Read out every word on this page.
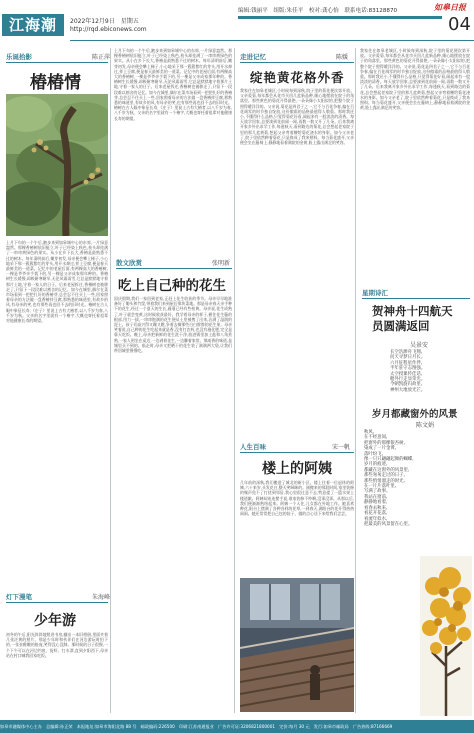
江海潮	2022年12月9日　星期五
http://rqd.ebiconews.com
编辑:钱丽平　组版:朱佳平　校对:龚心怡　联系电话:83128870	如皋日报
04
乐诞拾影	陈正萍
椿椿情
上月下旬的一个午后,踱步来到如皋城中心的东郊,一片绿意盎然。那棵香椿树依旧挺立,叶子已经染上秋色,枝头却挂满了一串串黄绿色的果实。从小在乡下长大,香椿是最熟悉不过的树木。每年清明前后,嫩芽初发,母亲便会攀上梯子,小心地采下那一簇簇紫红的芽头,用开水焯过,拌上豆腐,便是春天最鲜美的一道菜。记忆中的老屋后面,有两棵高大的香椿树,一棵是爷爷亲手栽下的,另一棵是父亲成家那年种的。香椿树生长缓慢,却极耐寒耐旱,无论风霜雨雪,它总是默默地守着那片土地,守着一家人的日子。后来老屋拆迁,香椿树也被移走了,只留下一段段难以割舍的记忆。如今在城里,偶尔在菜市场看到一把把扎好的香椿芽,总会忍不住买上一些,回家照着母亲的方法做一盘香椿拌豆腐,那熟悉的味道里,有故乡的风,有母亲的笑,也有那些再也回不去的旧时光。椿树在古人眼中象征长寿,《庄子》里说上古有大椿者,以八千岁为春,八千岁为秋。父亲的名字里就有一个椿字,大概也寄托着祖辈对他健康长寿的期望。
灯下漫笔	朱海峰
少年游
初冬的午后,阳光斜斜地照进书房,翻出一本旧相册,里面夹着几张泛黄的照片。那是少年时和伙伴们在河边游玩时拍下的,一张张稚嫩的脸庞,笑得没心没肺。那时候的日子很慢,一个下午可以在河边钓鱼、捉虾、打水漂,直到夕阳西下,母亲站在村口喊我回家吃饭。
上月下旬的一个午后,踱步来到如皋城中心的东郊,一片绿意盎然。那棵香椿树依旧挺立,叶子已经染上秋色,枝头却挂满了一串串黄绿色的果实。从小在乡下长大,香椿是最熟悉不过的树木。每年清明前后,嫩芽初发,母亲便会攀上梯子,小心地采下那一簇簇紫红的芽头,用开水焯过,拌上豆腐,便是春天最鲜美的一道菜。记忆中的老屋后面,有两棵高大的香椿树,一棵是爷爷亲手栽下的,另一棵是父亲成家那年种的。香椿树生长缓慢,却极耐寒耐旱,无论风霜雨雪,它总是默默地守着那片土地,守着一家人的日子。后来老屋拆迁,香椿树也被移走了,只留下一段段难以割舍的记忆。如今在城里,偶尔在菜市场看到一把把扎好的香椿芽,总会忍不住买上一些,回家照着母亲的方法做一盘香椿拌豆腐,那熟悉的味道里,有故乡的风,有母亲的笑,也有那些再也回不去的旧时光。椿树在古人眼中象征长寿,《庄子》里说上古有大椿者,以八千岁为春,八千岁为秋。父亲的名字里就有一个椿字,大概也寄托着祖辈对他健康长寿的期望。
散文欣赏	张明新
吃上自己种的花生
国庆假期,我们一家回到老家,正赶上花生收获的季节。母亲早早地准备好了锄头和竹筐,带着我们来到屋后那块菜地。那是母亲春天亲手种下的花生,经过一个夏天的生长,藤蔓已经有些枯黄。母亲说,花生成熟了,叶子就会变黄,这时候收获最好。我学着母亲的样子,握住花生藤的根部,用力一拔,一串串饱满的花生便从土里被拽了出来,沾满了湿润的泥土。孩子们高兴得又蹦又跳,争着去摘那些白白胖胖的花生果。母亲笑着说,自己种的花生吃起来就是香,没有打农药,也没有施化肥,完全是靠天吃饭。晚上,母亲把新鲜的花生洗干净,放进锅里加上盐和八角煮熟,一家人围坐在桌边,一边剥着花生,一边聊着家常。那咸香的味道,是城里买不到的。临走时,母亲又把晒干的花生装了满满两大袋,让我们带回城里慢慢吃。
走进记忆	陈媛
绽艳黄花格外香
我家住在如皋老城区,小时候每到深秋,院子里的菊花便次第开放。父亲爱菊,每年都会从花市买回几盆新品种,细心地摆放在院子的角落里。那些黄色的菊花开得最艳,一朵朵像小太阳似的,把整个院子照得暖洋洋的。父亲说,菊花是四君子之一,它不与百花争春,偏在百花凋零的时节独自绽放,这份傲霜的品格最值得人敬重。那时我还小,不懂得什么品格,只觉得菊花好看,闻起来有一股淡淡的清香。每天放学回家,总要凑到花前闻一闻,再数一数又开了几朵。后来我离开家乡外出求学工作,每逢秋天,看到路边的菊花,总会想起老家院子里的那几盆黄菊,想起父亲弯着腰给菊花浇水的身影。如今父亲老了,院子里依然种着菊花,只是换成了我来照料。每当菊花盛开,父亲便会坐在藤椅上,静静地看着满院的金黄,脸上露出满足的笑容。
人生百味	宋一帆
楼上的阿姨
几年前的深秋,我们搬进了城北的新小区。楼上住着一位退休的阿姨,六十来岁,头发花白,整天笑眯眯的。刚搬来的那段时间,家里装修的噪声免不了打扰到邻居,我心里很过意不去,特意提了一篮水果上楼道歉。阿姨却连连摆手说,谁家装修不吵啊,没事没事。从那以后,我们便渐渐熟络起来。阿姨一个人住,儿女都在外地工作。她喜欢种花,阳台上摆满了各种各样的花草,一到春天,满阳台的花开得热热闹闹。她还常常把自己包的饺子、做的点心送下来给我们尝尝。
我家住在如皋老城区,小时候每到深秋,院子里的菊花便次第开放。父亲爱菊,每年都会从花市买回几盆新品种,细心地摆放在院子的角落里。那些黄色的菊花开得最艳,一朵朵像小太阳似的,把整个院子照得暖洋洋的。父亲说,菊花是四君子之一,它不与百花争春,偏在百花凋零的时节独自绽放,这份傲霜的品格最值得人敬重。那时我还小,不懂得什么品格,只觉得菊花好看,闻起来有一股淡淡的清香。每天放学回家,总要凑到花前闻一闻,再数一数又开了几朵。后来我离开家乡外出求学工作,每逢秋天,看到路边的菊花,总会想起老家院子里的那几盆黄菊,想起父亲弯着腰给菊花浇水的身影。如今父亲老了,院子里依然种着菊花,只是换成了我来照料。每当菊花盛开,父亲便会坐在藤椅上,静静地看着满院的金黄,脸上露出满足的笑容。
星期诗汇
贺神舟十四航天员圆满返回
吴景安
长空浩渺舟飞翔,
问天寻梦日月长。
六月征程星作伴,
半年驻守志图强。
太空授课传佳话,
舱外行走显荣光。
今朝凯旋归故里,
神州大地放光芒。
岁月都藏窗外的风景
陈文娟
秋风,
在不经意间,
把窗外的那棵银杏树,
染成了一片金黄,
落叶纷飞,
像一只只翩翩起舞的蝴蝶,
岁月的痕迹,
都藏在这窗外的风景里,
那些匆匆走过的日子,
那些悄悄溜走的时光,
在一片片落叶里,
写满了故事。
我站在窗前,
静静地看着,
看春去秋来,
看花开花落,
看流年似水,
把最美的风景留在心里。
如皋市融媒体中心主办　总编辑:孙正荣　本报地址:如皋市海阳北路 88 号　邮政编码:226500　印刷:江苏南通报业　广告许可证:3206821800001　定价:每月 30 元　发行:如皋市邮政局　广告热线:87166669
